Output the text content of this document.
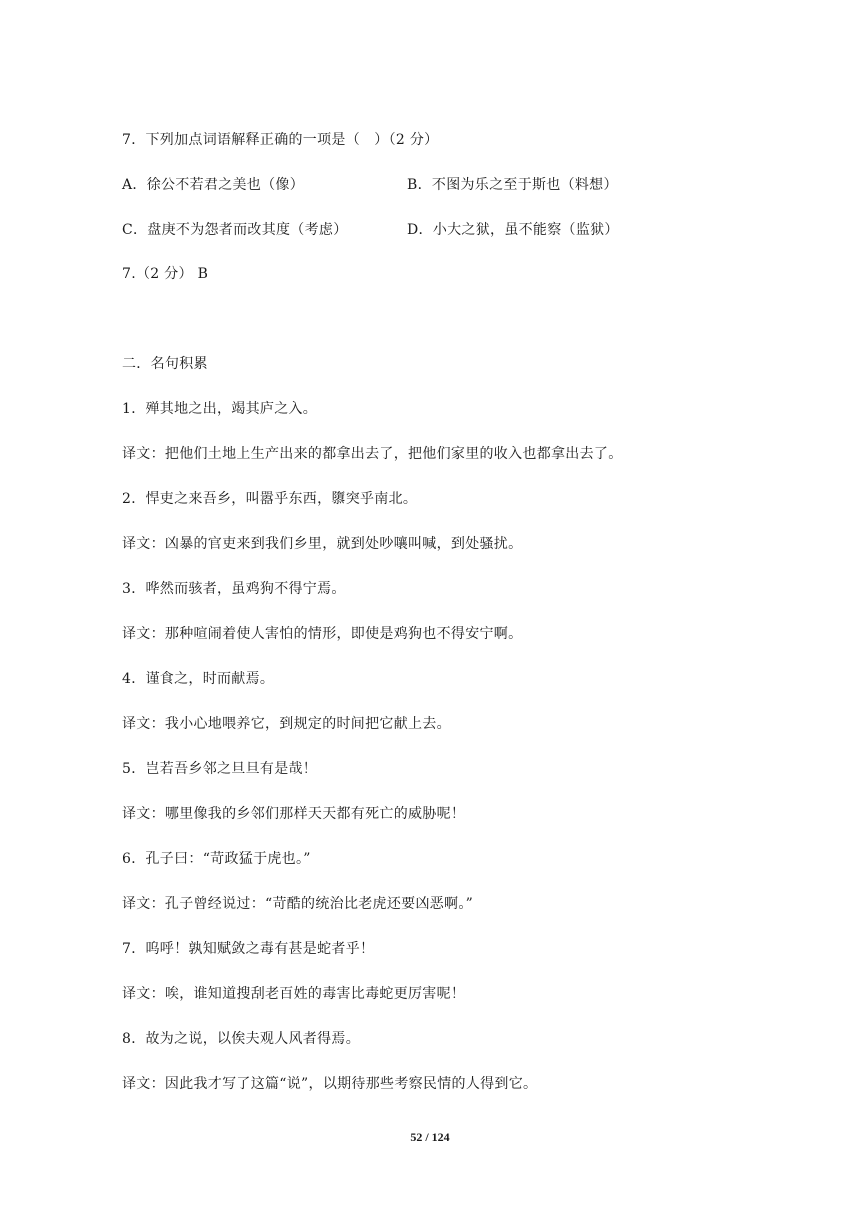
7．下列加点词语解释正确的一项是（　）（2 分）
A．徐公不若君之美也（像）	B．不图为乐之至于斯也（料想）
C．盘庚不为怨者而改其度（考虑）	D．小大之狱，虽不能察（监狱）
7.（2 分） B
二．名句积累
1．殚其地之出，竭其庐之入。
译文：把他们土地上生产出来的都拿出去了，把他们家里的收入也都拿出去了。
2．悍吏之来吾乡，叫嚣乎东西，隳突乎南北。
译文：凶暴的官吏来到我们乡里，就到处吵嚷叫喊，到处骚扰。
3．哗然而骇者，虽鸡狗不得宁焉。
译文：那种喧闹着使人害怕的情形，即使是鸡狗也不得安宁啊。
4．谨食之，时而献焉。
译文：我小心地喂养它，到规定的时间把它献上去。
5．岂若吾乡邻之旦旦有是哉！
译文：哪里像我的乡邻们那样天天都有死亡的威胁呢！
6．孔子曰：“苛政猛于虎也。”
译文：孔子曾经说过：“苛酷的统治比老虎还要凶恶啊。”
7．呜呼！孰知赋敛之毒有甚是蛇者乎！
译文：唉，谁知道搜刮老百姓的毒害比毒蛇更厉害呢！
8．故为之说，以俟夫观人风者得焉。
译文：因此我才写了这篇“说”，以期待那些考察民情的人得到它。
52 / 124
